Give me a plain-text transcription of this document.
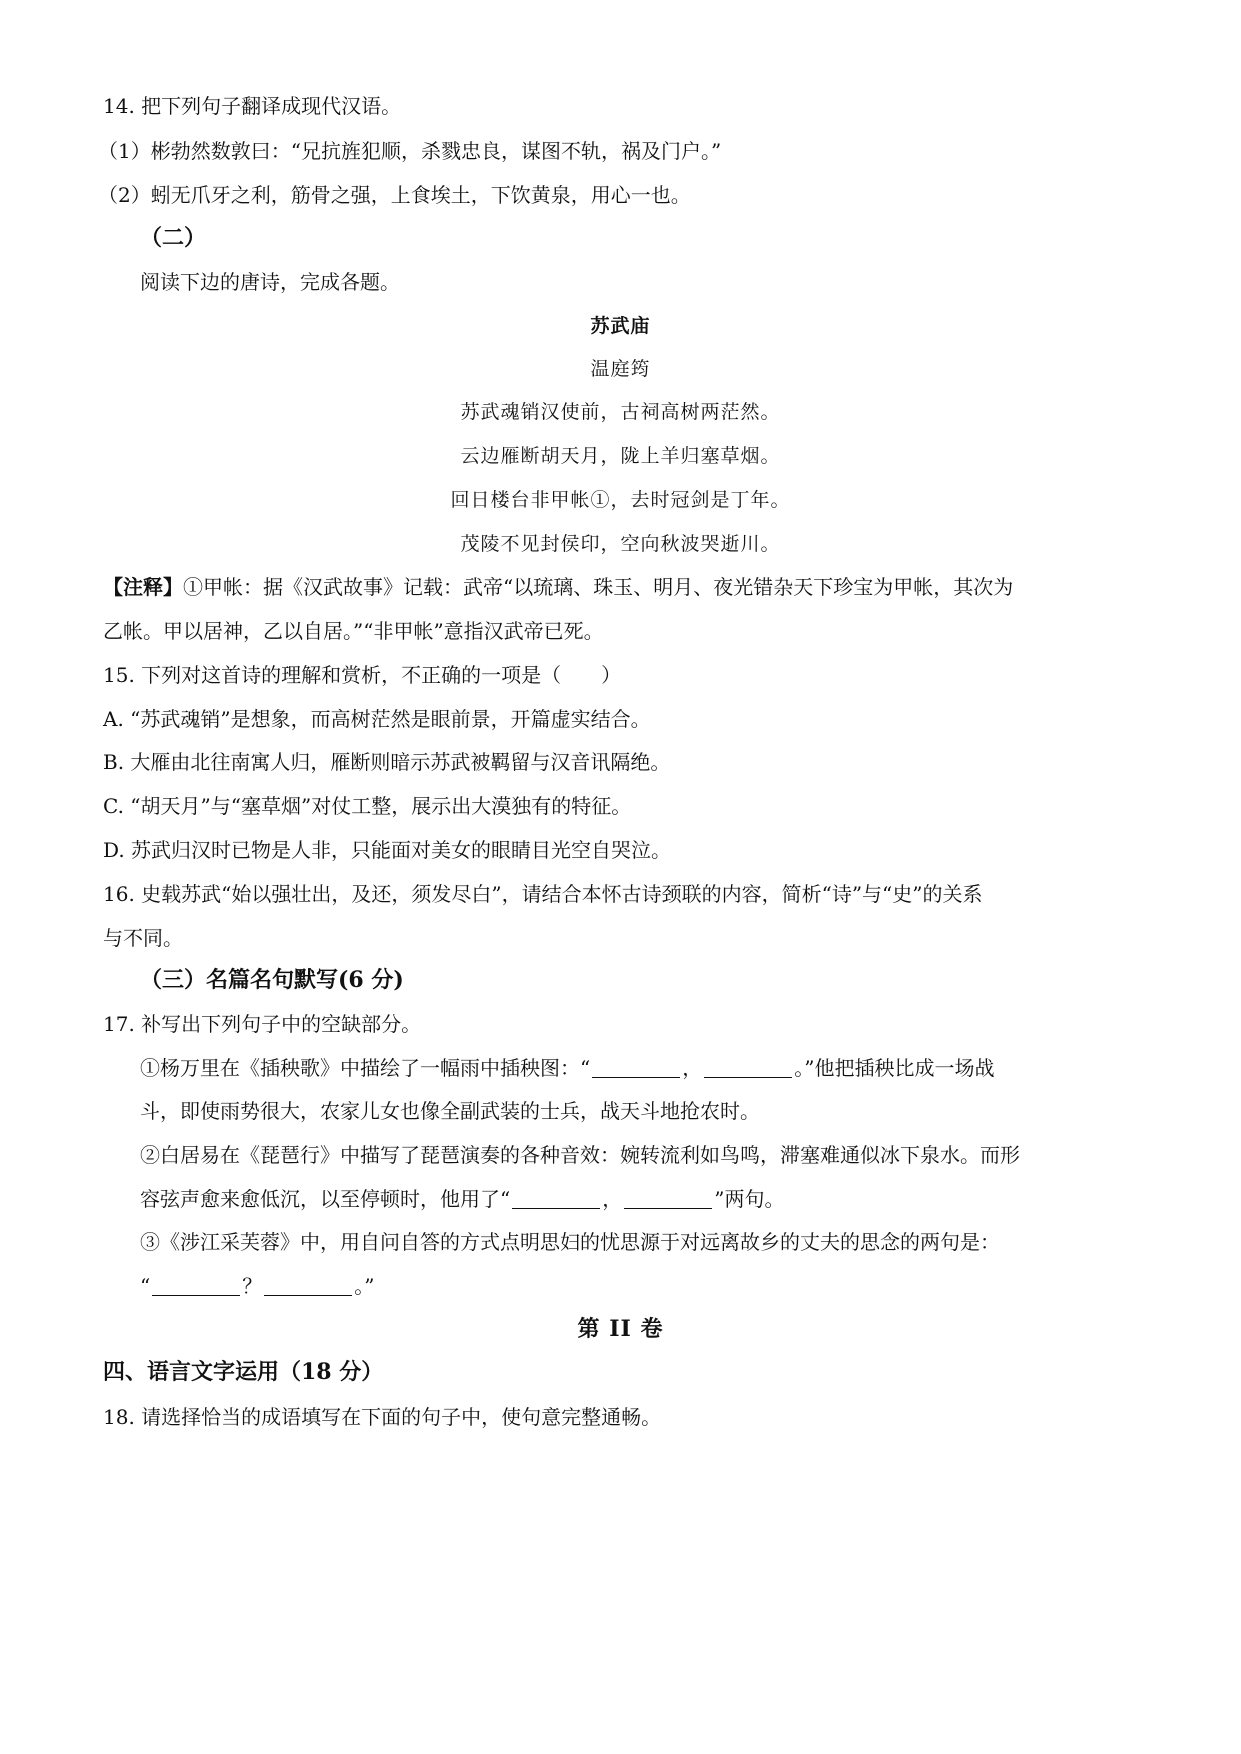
14. 把下列句子翻译成现代汉语。
（1）彬勃然数敦曰：“兄抗旌犯顺，杀戮忠良，谋图不轨，祸及门户。”
（2）蚓无爪牙之利，筋骨之强，上食埃土，下饮黄泉，用心一也。
（二）
阅读下边的唐诗，完成各题。
苏武庙
温庭筠
苏武魂销汉使前，古祠高树两茫然。
云边雁断胡天月，陇上羊归塞草烟。
回日楼台非甲帐①，去时冠剑是丁年。
茂陵不见封侯印，空向秋波哭逝川。
【注释】①甲帐：据《汉武故事》记载：武帝“以琉璃、珠玉、明月、夜光错杂天下珍宝为甲帐，其次为
乙帐。甲以居神，乙以自居。”“非甲帐”意指汉武帝已死。
15. 下列对这首诗的理解和赏析，不正确的一项是（　　）
A. “苏武魂销”是想象，而高树茫然是眼前景，开篇虚实结合。
B. 大雁由北往南寓人归，雁断则暗示苏武被羁留与汉音讯隔绝。
C. “胡天月”与“塞草烟”对仗工整，展示出大漠独有的特征。
D. 苏武归汉时已物是人非，只能面对美女的眼睛目光空自哭泣。
16. 史载苏武“始以强壮出，及还，须发尽白”，请结合本怀古诗颈联的内容，简析“诗”与“史”的关系
与不同。
（三）名篇名句默写(6 分)
17. 补写出下列句子中的空缺部分。
①杨万里在《插秧歌》中描绘了一幅雨中插秧图：“	，	。”他把插秧比成一场战
斗，即使雨势很大，农家儿女也像全副武装的士兵，战天斗地抢农时。
②白居易在《琵琶行》中描写了琵琶演奏的各种音效：婉转流利如鸟鸣，滞塞难通似冰下泉水。而形
容弦声愈来愈低沉，以至停顿时，他用了“	，	”两句。
③《涉江采芙蓉》中，用自问自答的方式点明思妇的忧思源于对远离故乡的丈夫的思念的两句是：
“	？	。”
第 II 卷
四、语言文字运用（18 分）
18. 请选择恰当的成语填写在下面的句子中，使句意完整通畅。
